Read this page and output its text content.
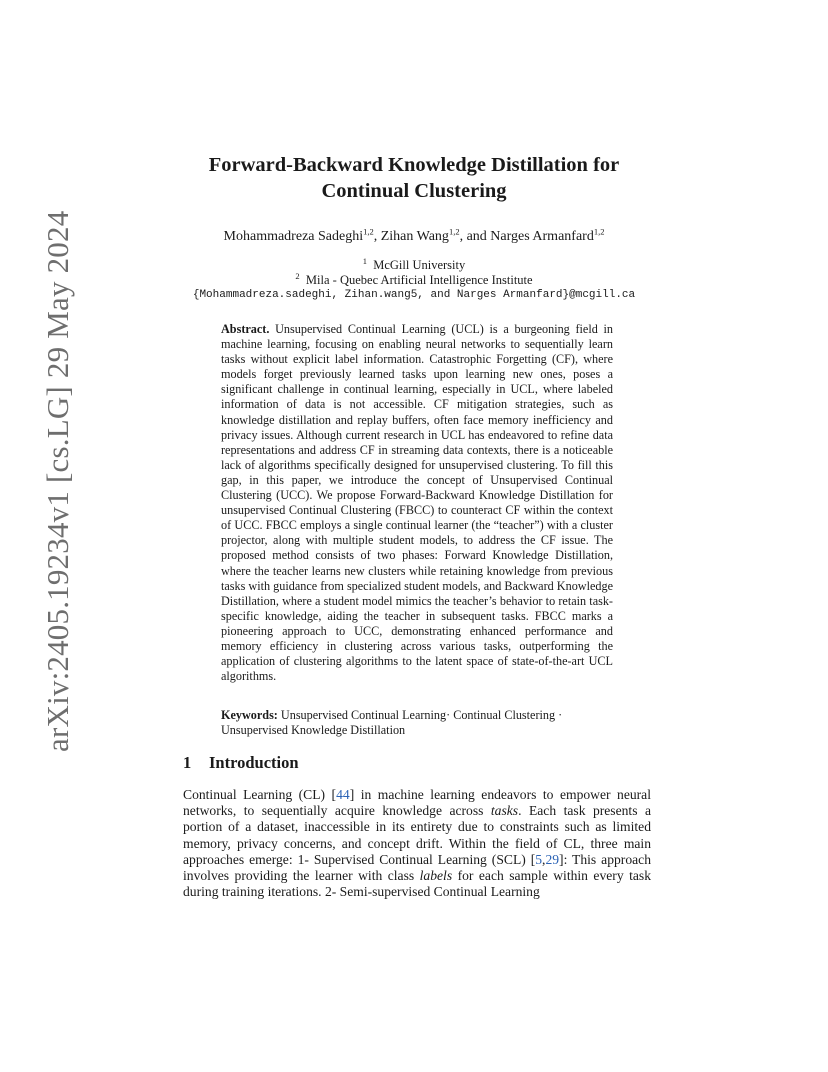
arXiv:2405.19234v1 [cs.LG] 29 May 2024
Forward-Backward Knowledge Distillation for
Continual Clustering
Mohammadreza Sadeghi$^{1,2}$, Zihan Wang$^{1,2}$, and Narges Armanfard$^{1,2}$
$^1$ McGill University
$^2$ Mila - Quebec Artificial Intelligence Institute
{Mohammadreza.sadeghi, Zihan.wang5, and Narges Armanfard}@mcgill.ca
Abstract. Unsupervised Continual Learning (UCL) is a burgeoning field in machine learning, focusing on enabling neural networks to sequentially learn tasks without explicit label information. Catastrophic Forgetting (CF), where models forget previously learned tasks upon learning new ones, poses a significant challenge in continual learning, especially in UCL, where labeled information of data is not accessible. CF mitigation strategies, such as knowledge distillation and replay buffers, often face memory inefficiency and privacy issues. Although current research in UCL has endeavored to refine data representations and address CF in streaming data contexts, there is a noticeable lack of algorithms specifically designed for unsupervised clustering. To fill this gap, in this paper, we introduce the concept of Unsupervised Continual Clustering (UCC). We propose Forward-Backward Knowledge Distillation for unsupervised Continual Clustering (FBCC) to counteract CF within the context of UCC. FBCC employs a single continual learner (the “teacher”) with a cluster projector, along with multiple student models, to address the CF issue. The proposed method consists of two phases: Forward Knowledge Distillation, where the teacher learns new clusters while retaining knowledge from previous tasks with guidance from specialized student models, and Backward Knowledge Distillation, where a student model mimics the teacher’s behavior to retain task-specific knowledge, aiding the teacher in subsequent tasks. FBCC marks a pioneering approach to UCC, demonstrating enhanced performance and memory efficiency in clustering across various tasks, outperforming the application of clustering algorithms to the latent space of state-of-the-art UCL algorithms.
Keywords: Unsupervised Continual Learning· Continual Clustering · Unsupervised Knowledge Distillation
1 Introduction
Continual Learning (CL) [44] in machine learning endeavors to empower neural networks, to sequentially acquire knowledge across tasks. Each task presents a portion of a dataset, inaccessible in its entirety due to constraints such as limited memory, privacy concerns, and concept drift. Within the field of CL, three main approaches emerge: 1- Supervised Continual Learning (SCL) [5,29]: This approach involves providing the learner with class labels for each sample within every task during training iterations. 2- Semi-supervised Continual Learning
